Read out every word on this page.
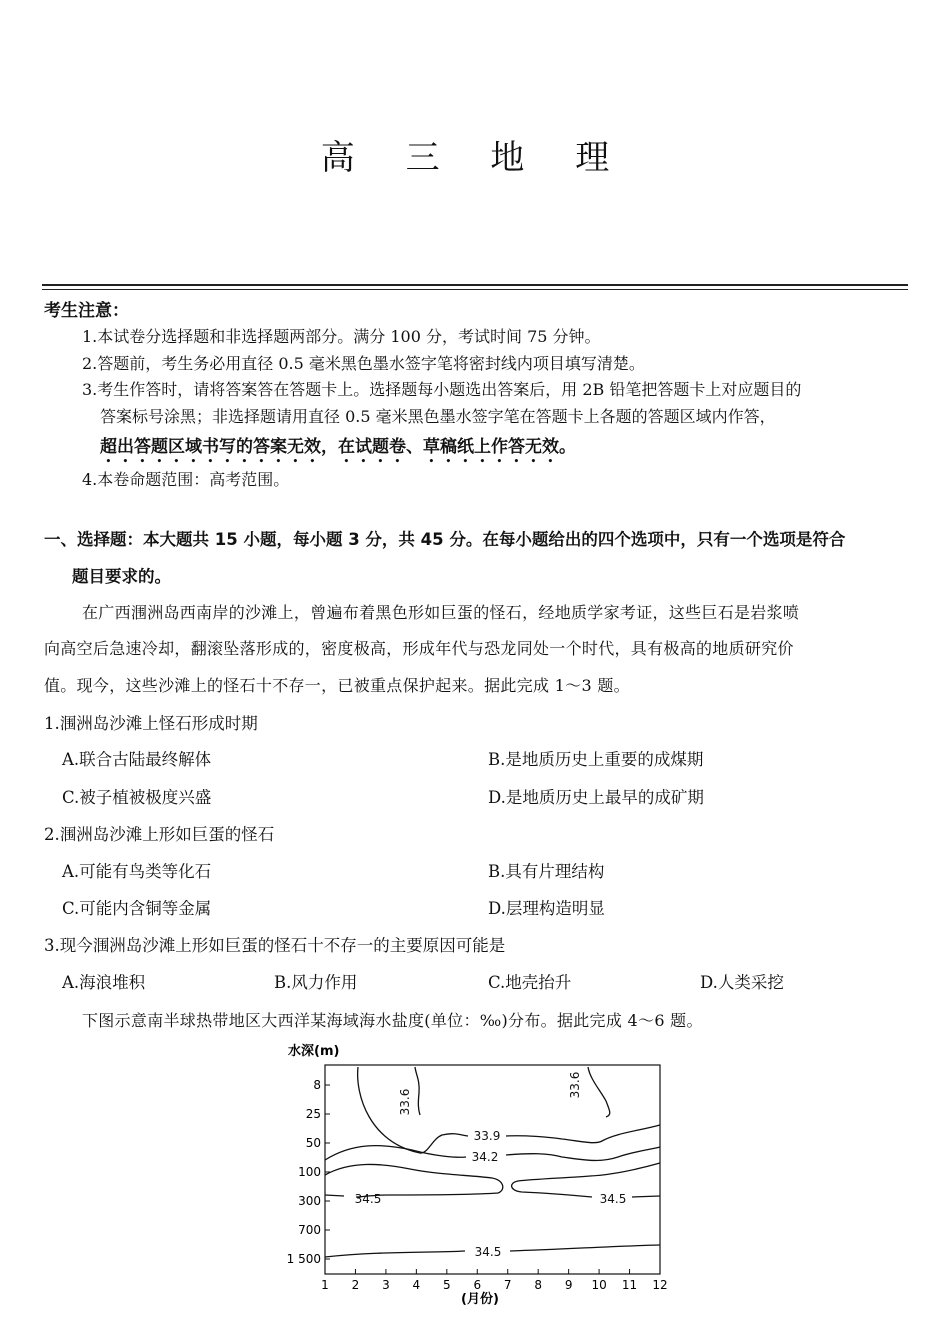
高 三 地 理
考生注意：
1.本试卷分选择题和非选择题两部分。满分 100 分，考试时间 75 分钟。
2.答题前，考生务必用直径 0.5 毫米黑色墨水签字笔将密封线内项目填写清楚。
3.考生作答时，请将答案答在答题卡上。选择题每小题选出答案后，用 2B 铅笔把答题卡上对应题目的
答案标号涂黑；非选择题请用直径 0.5 毫米黑色墨水签字笔在答题卡上各题的答题区域内作答，
超出答题区域书写的答案无效，在试题卷、草稿纸上作答无效。
4.本卷命题范围：高考范围。
一、选择题：本大题共 15 小题，每小题 3 分，共 45 分。在每小题给出的四个选项中，只有一个选项是符合
题目要求的。
在广西涠洲岛西南岸的沙滩上，曾遍布着黑色形如巨蛋的怪石，经地质学家考证，这些巨石是岩浆喷
向高空后急速冷却，翻滚坠落形成的，密度极高，形成年代与恐龙同处一个时代，具有极高的地质研究价
值。现今，这些沙滩上的怪石十不存一，已被重点保护起来。据此完成 1～3 题。
1.涠洲岛沙滩上怪石形成时期
A.联合古陆最终解体	B.是地质历史上重要的成煤期
C.被子植被极度兴盛	D.是地质历史上最早的成矿期
2.涠洲岛沙滩上形如巨蛋的怪石
A.可能有鸟类等化石	B.具有片理结构
C.可能内含铜等金属	D.层理构造明显
3.现今涠洲岛沙滩上形如巨蛋的怪石十不存一的主要原因可能是
A.海浪堆积	B.风力作用	C.地壳抬升	D.人类采挖
下图示意南半球热带地区大西洋某海域海水盐度(单位：‰)分布。据此完成 4～6 题。
水深(m)
8
25
50
100
300
700
1 500
1 2 3 4 5 6 7 8 9 10 11 12
33.6
33.6
33.9
34.2
34.5	34.5
34.5
(月份)
